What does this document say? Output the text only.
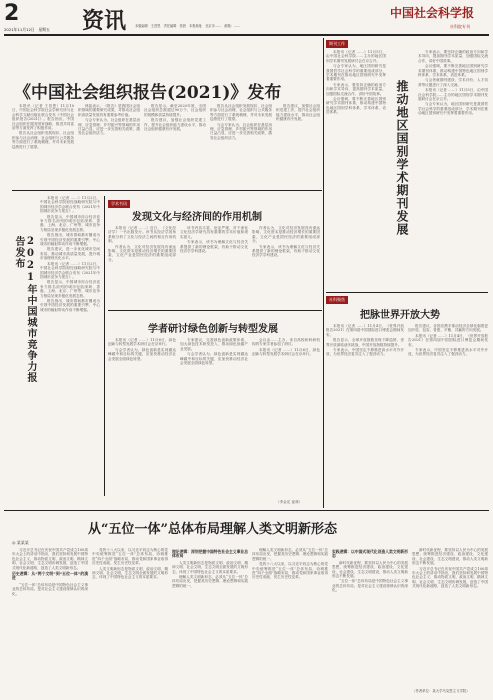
2
2021年11月12日　星期五 资讯	本版编辑　王昌恩　责任编辑　张晨　本报地址　北京市……　邮箱：……
中国社会科学报
社科院专刊
《中国社会组织报告(2021)》发布

本报讯（记者 王昌恩）11月10日，中国社会科学院社会学研究所与社会科学文献出版社联合发布《中国社会组织报告(2021)》。报告指出，中国社会组织在服务国家战略、推进共同富裕等方面发挥了积极作用。

报告从社会组织发展现状、社会组织参与社会治理、社会组织与公共服务等方面进行了系统梳理，并对未来发展趋势进行了展望。

林蓝表示，《报告》是我国社会组织领域的重要研究成果，对推动社会组织高质量发展具有重要参考价值。

与会专家认为，社会组织在基层治理、应急管理、乡村振兴等领域的作用日益凸显，应进一步完善相关政策，激发社会组织活力。

报告显示，截至2020年底，全国社会组织总数超过90万个，社会组织的规模和质量持续提升。

报告建议，加强社会组织党建工作，提升社会组织能力建设水平，推动社会组织健康有序发展。

报告从社会组织发展现状、社会组织参与社会治理、社会组织与公共服务等方面进行了系统梳理，并对未来发展趋势进行了展望。

与会专家认为，社会组织在基层治理、应急管理、乡村振兴等领域的作用日益凸显，应进一步完善相关政策，激发社会组织活力。

报告建议，加强社会组织党建工作，提升社会组织能力建设水平，推动社会组织健康有序发展。

2021年中国城市竞争力报告发布

本报讯（记者 ……）11月2日，中国社会科学院财经战略研究院与中国城市经济学会联合发布《2021年中国城市竞争力报告》。

报告显示，中国城市综合经济竞争力排名前列的城市包括深圳、香港、上海、北京、广州等，城市竞争力格局呈现多极化发展态势。

报告指出，城市群和都市圈成为引领中国经济发展的重要引擎，中心城市的辐射带动作用不断增强。

报告建议，进一步优化城市空间布局，推动城市高质量发展，提升城市治理现代化水平。

本报讯（记者 ……）11月2日，中国社会科学院财经战略研究院与中国城市经济学会联合发布《2021年中国城市竞争力报告》。

报告显示，中国城市综合经济竞争力排名前列的城市包括深圳、香港、上海、北京、广州等，城市竞争力格局呈现多极化发展态势。

报告指出，城市群和都市圈成为引领中国经济发展的重要引擎，中心城市的辐射带动作用不断增强。

学术书讯
发现文化与经济间的作用机制

本报讯（记者 ……）近日，《文化经济学》一书出版发行。该书从经济学视角系统分析了文化与经济之间的相互作用机制。

作者认为，文化对经济发展具有深远影响，文化资本是推动经济增长的重要因素，文化产业是国民经济的重要组成部分。

该书内容丰富、论证严谨，对于深化文化经济学研究具有重要的学术价值和现实意义。

专家表示，该书为理解文化与经济关系提供了新的理论框架，有助于推动文化经济学学科建设。

作者认为，文化对经济发展具有深远影响，文化资本是推动经济增长的重要因素，文化产业是国民经济的重要组成部分。

专家表示，该书为理解文化与经济关系提供了新的理论框架，有助于推动文化经济学学科建设。

期刊工作
推动地区国别学术期刊发展

本报讯（记者 ……）11月5日，由中国社会科学院……主办的地区国别学术期刊发展研讨会在京召开。

与会专家认为，地区国别研究是我国哲学社会科学的重要组成部分，学术期刊在推动地区国别研究中发挥着重要作用。

专家表示，要坚持正确的政治方向和学术导向，提高期刊学术质量，加强国际交流合作，讲好中国故事。

会议强调，要不断完善地区国别研究学术期刊体系，推动构建中国特色地区国别学科体系、学术体系、话语体系。

专家表示，要坚持正确的政治方向和学术导向，提高期刊学术质量，加强国际交流合作，讲好中国故事。

会议强调，要不断完善地区国别研究学术期刊体系，推动构建中国特色地区国别学科体系、学术体系、话语体系。

与会者就期刊建设、学术评价、人才培养等议题进行了深入交流。

本报讯（记者 ……）11月5日，由中国社会科学院……主办的地区国别学术期刊发展研讨会在京召开。

与会专家认为，地区国别研究是我国哲学社会科学的重要组成部分，学术期刊在推动地区国别研究中发挥着重要作用。

社科聚焦
把脉世界开放大势

本报讯（记者 ……）11月4日，《世界开放报告2021》在第四届中国国际进口博览会期间发布。

报告显示，全球开放指数呈现下降趋势，世界开放面临诸多挑战，中国开放指数持续提升。

专家表示，中国坚定不移推进高水平对外开放，为世界经济复苏注入了强劲动力。

报告建议，各国应携手推动经济全球化朝着更加开放、包容、普惠、平衡、共赢的方向发展。

本报讯（记者 ……）11月4日，《世界开放报告2021》在第四届中国国际进口博览会期间发布。

专家表示，中国坚定不移推进高水平对外开放，为世界经济复苏注入了强劲动力。

学者研讨绿色创新与转型发展

本报讯（记者 ……）11月6日，绿色创新与转型发展学术研讨会在京举行。

与会学者认为，绿色创新是实现碳达峰碳中和目标的关键，应加快推动经济社会发展全面绿色转型。

专家建议，完善绿色创新政策体系，加大绿色技术研发投入，推动绿色低碳产业发展。

与会学者认为，绿色创新是实现碳达峰碳中和目标的关键，应加快推动经济社会发展全面绿色转型。

会议由……主办，来自高校和科研机构的专家学者参加了研讨。

本报讯（记者 ……）11月6日，绿色创新与转型发展学术研讨会在京举行。

（李金花 崔林）
从“五位一体”总体布局理解人类文明新形态
◎ 某某某

习近平总书记在庆祝中国共产党成立100周年大会上的讲话中指出，我们坚持和发展中国特色社会主义，推动物质文明、政治文明、精神文明、社会文明、生态文明协调发展，创造了中国式现代化新道路，创造了人类文明新形态。

历史逻辑：从“两个文明”到“五位一体”的演进

“五位一体”总体布局是中国特色社会主义事业的总体布局，是对社会主义建设规律认识的深化。

党的十八大以来，以习近平同志为核心的党中央统筹推进“五位一体”总体布局，协调推进“四个全面”战略布局，推动党和国家事业取得历史性成就、发生历史性变革。

人类文明新形态是物质文明、政治文明、精神文明、社会文明、生态文明全面发展的文明形态，体现了中国特色社会主义的本质要求。

理论逻辑：深刻把握中国特色社会主义事业总体布局

人类文明新形态是物质文明、政治文明、精神文明、社会文明、生态文明全面发展的文明形态，体现了中国特色社会主义的本质要求。

理解人类文明新形态，必须从“五位一体”总体布局出发，把握其历史逻辑、理论逻辑和实践逻辑的统一。

理解人类文明新形态，必须从“五位一体”总体布局出发，把握其历史逻辑、理论逻辑和实践逻辑的统一。

党的十八大以来，以习近平同志为核心的党中央统筹推进“五位一体”总体布局，协调推进“四个全面”战略布局，推动党和国家事业取得历史性成就、发生历史性变革。

实践逻辑：以中国式现代化创造人类文明新形态

新时代新征程，要坚持以人民为中心的发展思想，统筹推进经济建设、政治建设、文化建设、社会建设、生态文明建设，推动人类文明新形态不断发展。

“五位一体”总体布局是中国特色社会主义事业的总体布局，是对社会主义建设规律认识的深化。

新时代新征程，要坚持以人民为中心的发展思想，统筹推进经济建设、政治建设、文化建设、社会建设、生态文明建设，推动人类文明新形态不断发展。

习近平总书记在庆祝中国共产党成立100周年大会上的讲话中指出，我们坚持和发展中国特色社会主义，推动物质文明、政治文明、精神文明、社会文明、生态文明协调发展，创造了中国式现代化新道路，创造了人类文明新形态。

（作者单位：某大学马克思主义学院）
